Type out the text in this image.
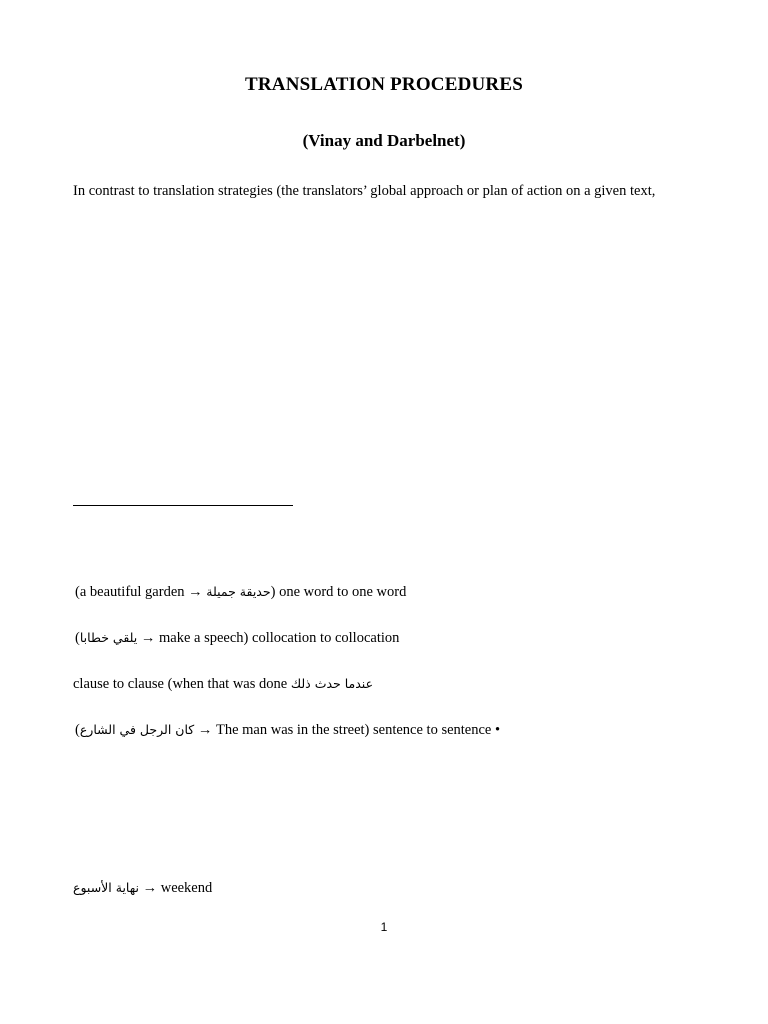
TRANSLATION PROCEDURES
(Vinay and Darbelnet)
In contrast to translation strategies (the translators’ global approach or plan of action on a given text,
(a beautiful garden → حديقة جميلة) one word to one word
(يلقي خطابا → make a speech) collocation to collocation
clause to clause (when that was done عندما حدث ذلك
(كان الرجل في الشارع → The man was in the street) sentence to sentence •
نهاية الأسبوع → weekend
1
